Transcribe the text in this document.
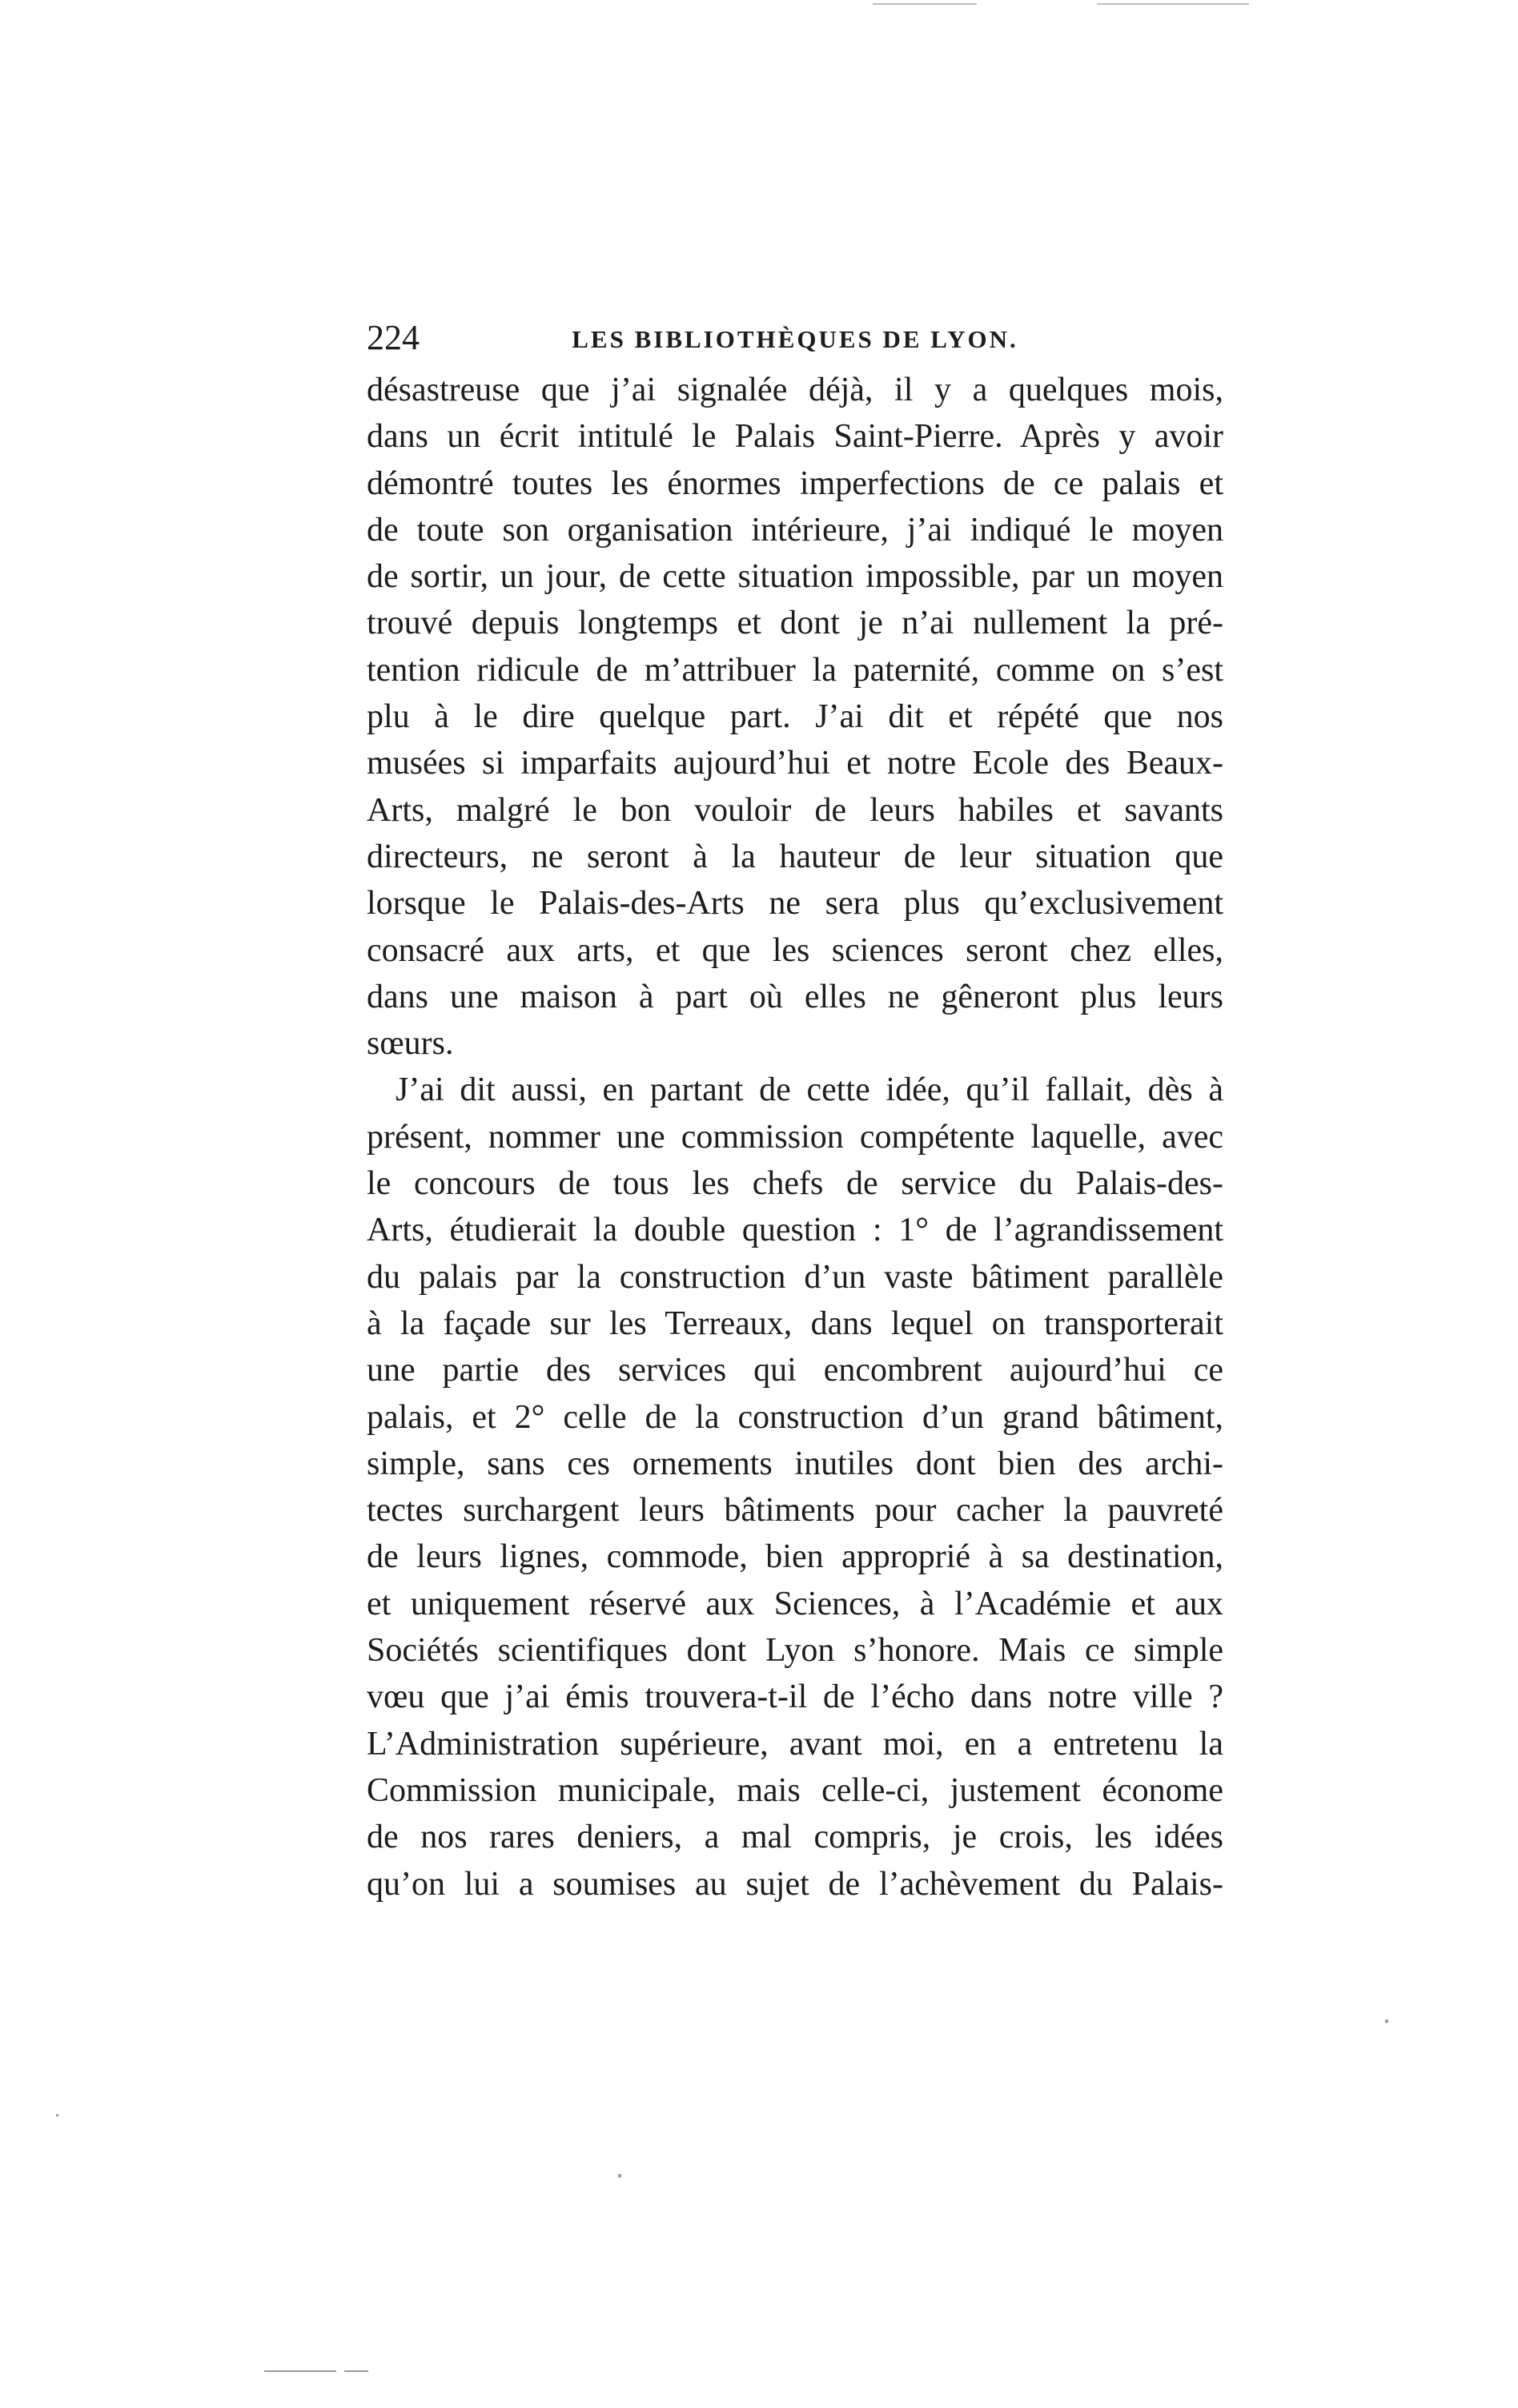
224	LES BIBLIOTHÈQUES DE LYON.
désastreuse que j’ai signalée déjà, il y a quelques mois,
dans un écrit intitulé le Palais Saint-Pierre. Après y avoir
démontré toutes les énormes imperfections de ce palais et
de toute son organisation intérieure, j’ai indiqué le moyen
de sortir, un jour, de cette situation impossible, par un moyen
trouvé depuis longtemps et dont je n’ai nullement la pré-
tention ridicule de m’attribuer la paternité, comme on s’est
plu à le dire quelque part. J’ai dit et répété que nos
musées si imparfaits aujourd’hui et notre Ecole des Beaux-
Arts, malgré le bon vouloir de leurs habiles et savants
directeurs, ne seront à la hauteur de leur situation que
lorsque le Palais-des-Arts ne sera plus qu’exclusivement
consacré aux arts, et que les sciences seront chez elles,
dans une maison à part où elles ne gêneront plus leurs
sœurs.
J’ai dit aussi, en partant de cette idée, qu’il fallait, dès à
présent, nommer une commission compétente laquelle, avec
le concours de tous les chefs de service du Palais-des-
Arts, étudierait la double question : 1° de l’agrandissement
du palais par la construction d’un vaste bâtiment parallèle
à la façade sur les Terreaux, dans lequel on transporterait
une partie des services qui encombrent aujourd’hui ce
palais, et 2° celle de la construction d’un grand bâtiment,
simple, sans ces ornements inutiles dont bien des archi-
tectes surchargent leurs bâtiments pour cacher la pauvreté
de leurs lignes, commode, bien approprié à sa destination,
et uniquement réservé aux Sciences, à l’Académie et aux
Sociétés scientifiques dont Lyon s’honore. Mais ce simple
vœu que j’ai émis trouvera-t-il de l’écho dans notre ville ?
L’Administration supérieure, avant moi, en a entretenu la
Commission municipale, mais celle-ci, justement économe
de nos rares deniers, a mal compris, je crois, les idées
qu’on lui a soumises au sujet de l’achèvement du Palais-
